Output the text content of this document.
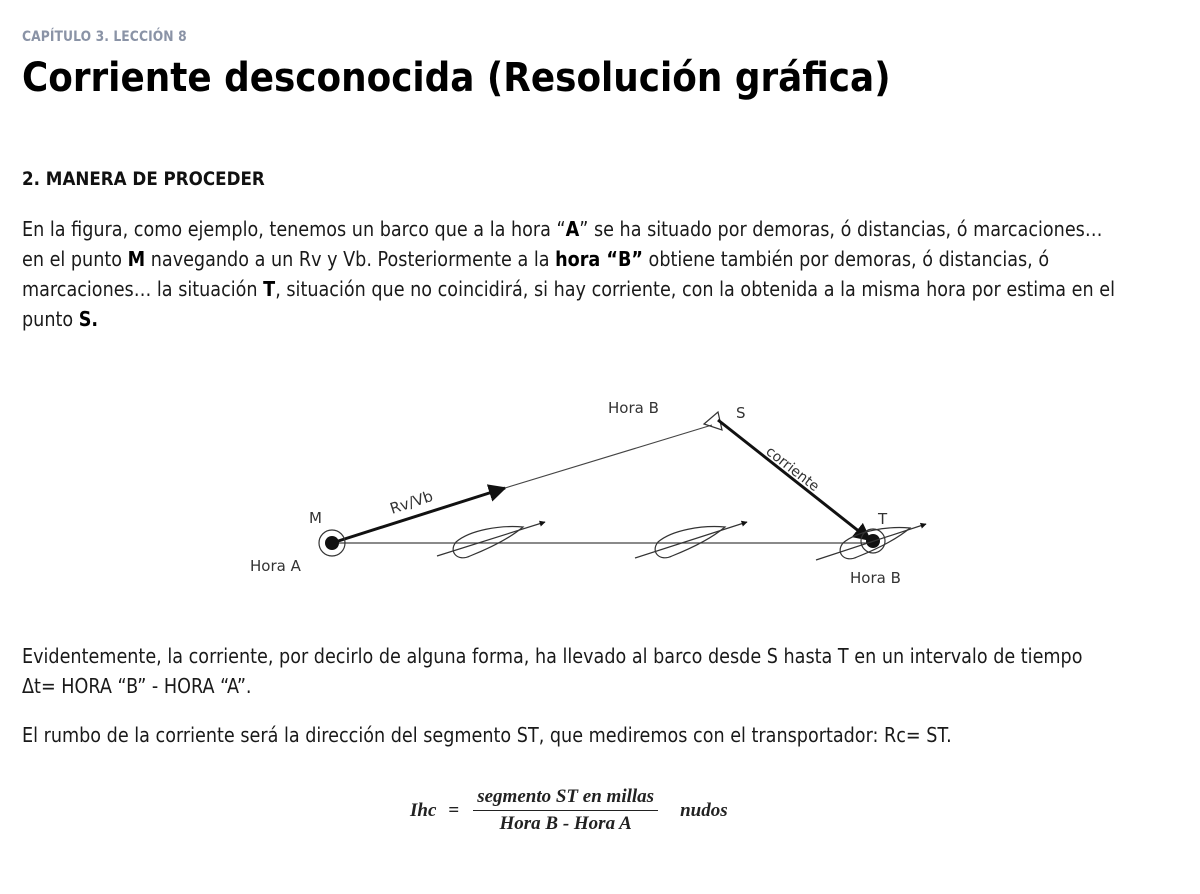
CAPÍTULO 3. LECCIÓN 8
Corriente desconocida (Resolución gráfica)
2. MANERA DE PROCEDER

En la figura, como ejemplo, tenemos un barco que a la hora “A” se ha situado por demoras, ó distancias, ó marcaciones…
en el punto M navegando a un Rv y Vb. Posteriormente a la hora “B” obtiene también por demoras, ó distancias, ó
marcaciones… la situación T, situación que no coincidirá, si hay corriente, con la obtenida a la misma hora por estima en el
punto S.

Evidentemente, la corriente, por decirlo de alguna forma, ha llevado al barco desde S hasta T en un intervalo de tiempo
Δt= HORA “B” - HORA “A”.

El rumbo de la corriente será la dirección del segmento ST, que mediremos con el transportador: Rc= ST.

Hora B	S
corriente
Rv/Vb
M
Hora A
T
Hora B
Ihc = $\frac{\text{segmento ST en millas}}{\text{Hora B - Hora A}}$ nudos
